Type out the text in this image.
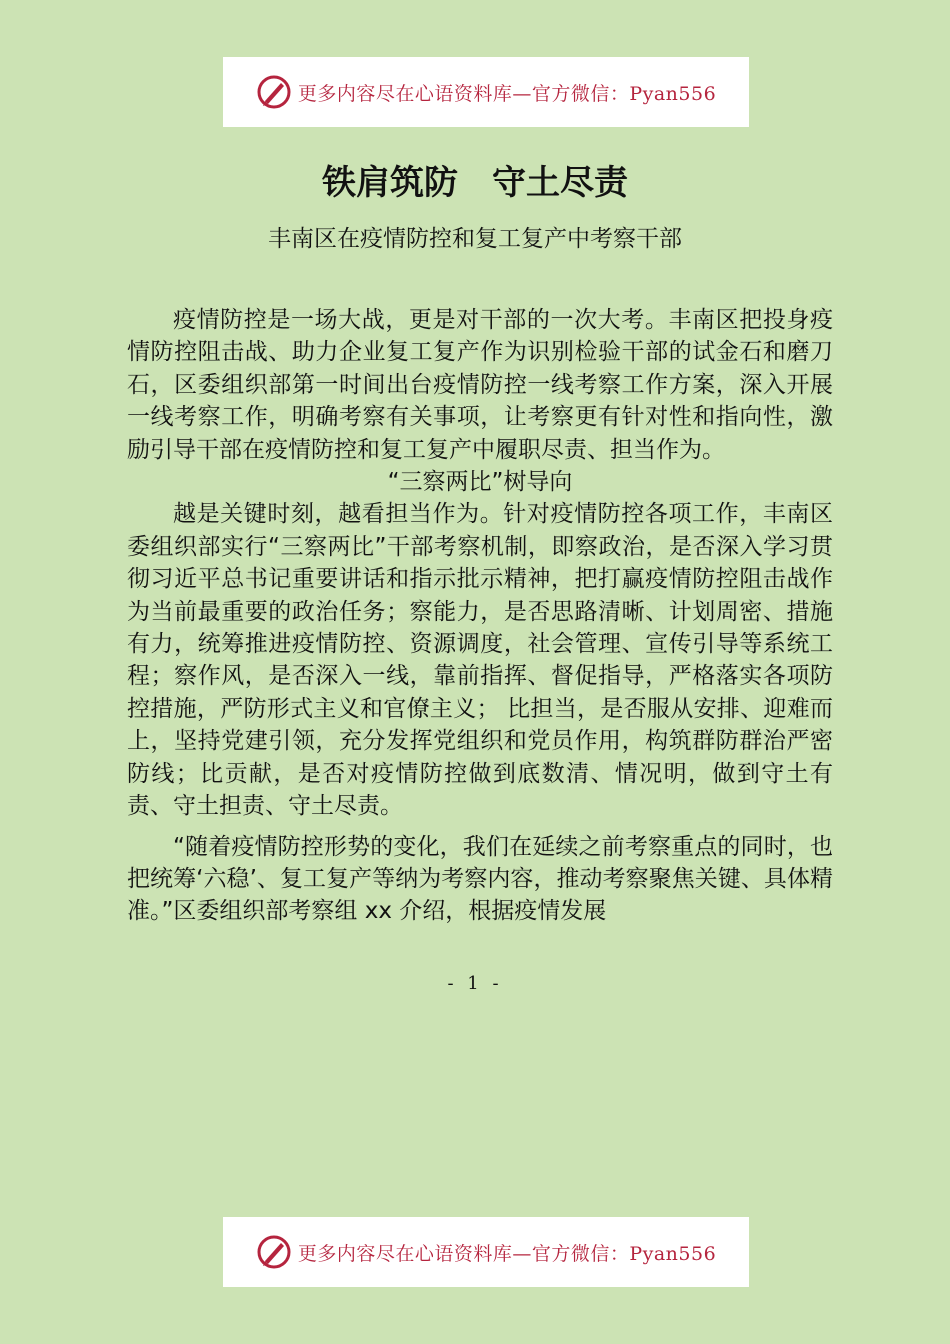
更多内容尽在心语资料库—官方微信：Pyan556
铁肩筑防　守土尽责
丰南区在疫情防控和复工复产中考察干部

疫情防控是一场大战，更是对干部的一次大考。丰南区把投身疫情防控阻击战、助力企业复工复产作为识别检验干部的试金石和磨刀石，区委组织部第一时间出台疫情防控一线考察工作方案，深入开展一线考察工作，明确考察有关事项，让考察更有针对性和指向性，激励引导干部在疫情防控和复工复产中履职尽责、担当作为。

“三察两比”树导向

越是关键时刻，越看担当作为。针对疫情防控各项工作，丰南区委组织部实行“三察两比”干部考察机制，即察政治，是否深入学习贯彻习近平总书记重要讲话和指示批示精神，把打赢疫情防控阻击战作为当前最重要的政治任务；察能力，是否思路清晰、计划周密、措施有力，统筹推进疫情防控、资源调度，社会管理、宣传引导等系统工程；察作风，是否深入一线，靠前指挥、督促指导，严格落实各项防控措施，严防形式主义和官僚主义； 比担当，是否服从安排、迎难而上，坚持党建引领，充分发挥党组织和党员作用，构筑群防群治严密防线；比贡献，是否对疫情防控做到底数清、情况明，做到守土有责、守土担责、守土尽责。

“随着疫情防控形势的变化，我们在延续之前考察重点的同时，也把统筹‘六稳’、复工复产等纳为考察内容，推动考察聚焦关键、具体精准。”区委组织部考察组 xx 介绍，根据疫情发展

- 1 -
更多内容尽在心语资料库—官方微信：Pyan556
